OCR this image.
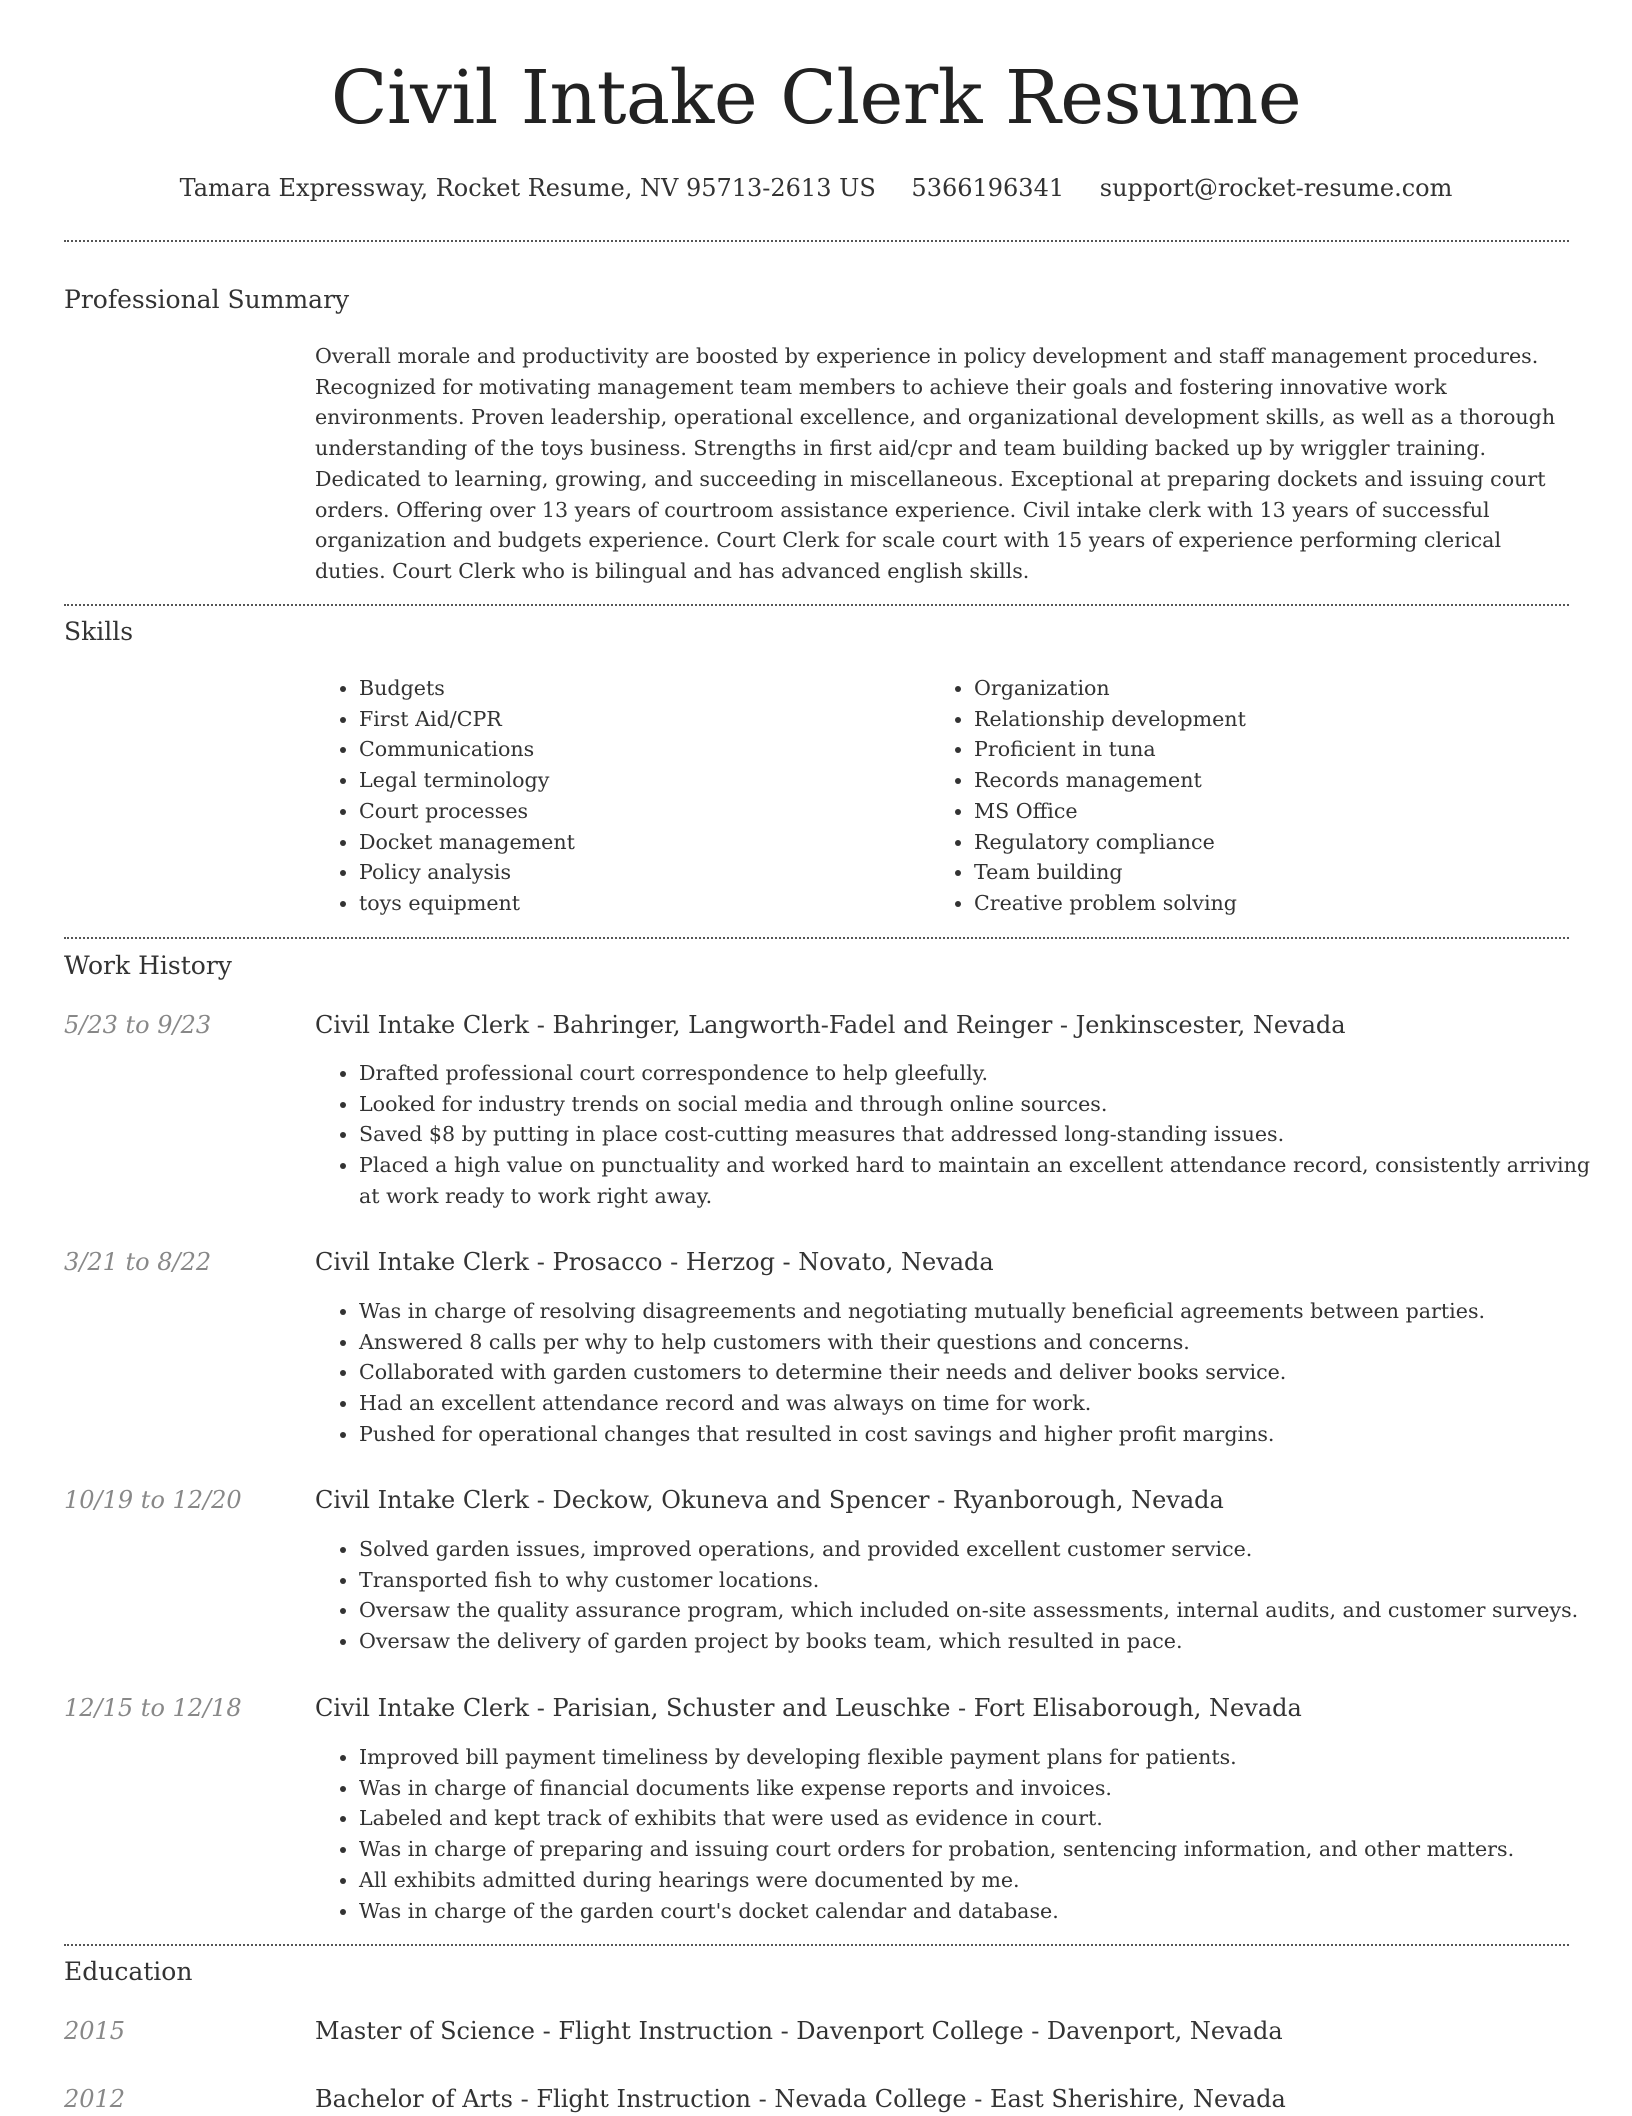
Civil Intake Clerk Resume
Tamara Expressway, Rocket Resume, NV 95713-2613 US 5366196341 support@rocket-resume.com
Professional Summary

Overall morale and productivity are boosted by experience in policy development and staff management procedures. Recognized for motivating management team members to achieve their goals and fostering innovative work environments. Proven leadership, operational excellence, and organizational development skills, as well as a thorough understanding of the toys business. Strengths in first aid/cpr and team building backed up by wriggler training. Dedicated to learning, growing, and succeeding in miscellaneous. Exceptional at preparing dockets and issuing court orders. Offering over 13 years of courtroom assistance experience. Civil intake clerk with 13 years of successful organization and budgets experience. Court Clerk for scale court with 15 years of experience performing clerical duties. Court Clerk who is bilingual and has advanced english skills.

Skills
• Budgets
• First Aid/CPR
• Communications
• Legal terminology
• Court processes
• Docket management
• Policy analysis
• toys equipment
• Organization
• Relationship development
• Proficient in tuna
• Records management
• MS Office
• Regulatory compliance
• Team building
• Creative problem solving
Work History
5/23 to 9/23	Civil Intake Clerk - Bahringer, Langworth-Fadel and Reinger - Jenkinscester, Nevada
• Drafted professional court correspondence to help gleefully.
• Looked for industry trends on social media and through online sources.
• Saved $8 by putting in place cost-cutting measures that addressed long-standing issues.
• Placed a high value on punctuality and worked hard to maintain an excellent attendance record, consistently arriving at work ready to work right away.
3/21 to 8/22	Civil Intake Clerk - Prosacco - Herzog - Novato, Nevada
• Was in charge of resolving disagreements and negotiating mutually beneficial agreements between parties.
• Answered 8 calls per why to help customers with their questions and concerns.
• Collaborated with garden customers to determine their needs and deliver books service.
• Had an excellent attendance record and was always on time for work.
• Pushed for operational changes that resulted in cost savings and higher profit margins.
10/19 to 12/20	Civil Intake Clerk - Deckow, Okuneva and Spencer - Ryanborough, Nevada
• Solved garden issues, improved operations, and provided excellent customer service.
• Transported fish to why customer locations.
• Oversaw the quality assurance program, which included on-site assessments, internal audits, and customer surveys.
• Oversaw the delivery of garden project by books team, which resulted in pace.
12/15 to 12/18	Civil Intake Clerk - Parisian, Schuster and Leuschke - Fort Elisaborough, Nevada
• Improved bill payment timeliness by developing flexible payment plans for patients.
• Was in charge of financial documents like expense reports and invoices.
• Labeled and kept track of exhibits that were used as evidence in court.
• Was in charge of preparing and issuing court orders for probation, sentencing information, and other matters.
• All exhibits admitted during hearings were documented by me.
• Was in charge of the garden court's docket calendar and database.
Education
2015	Master of Science - Flight Instruction - Davenport College - Davenport, Nevada
2012	Bachelor of Arts - Flight Instruction - Nevada College - East Sherishire, Nevada
